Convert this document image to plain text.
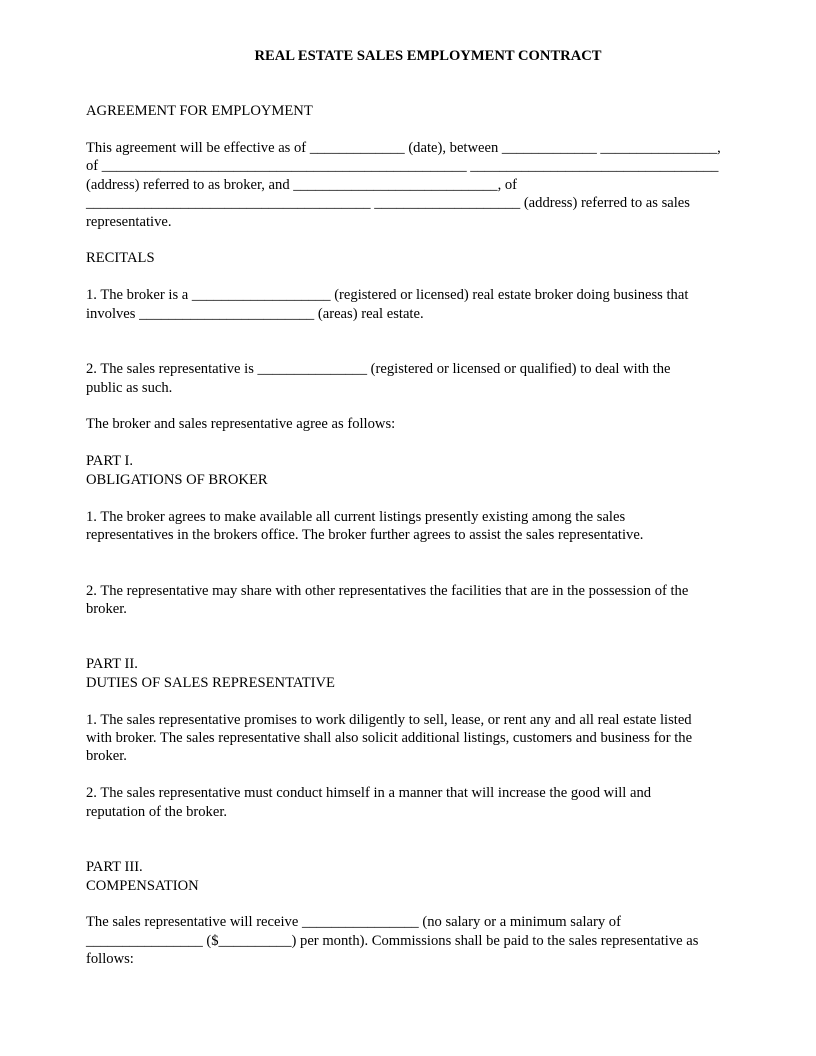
REAL ESTATE SALES EMPLOYMENT CONTRACT

AGREEMENT FOR EMPLOYMENT

This agreement will be effective as of _____________ (date), between _____________ ________________,

of __________________________________________________ __________________________________

(address) referred to as broker, and ____________________________, of

_______________________________________ ____________________ (address) referred to as sales

representative.

RECITALS

1. The broker is a ___________________ (registered or licensed) real estate broker doing business that

involves ________________________ (areas) real estate.

2. The sales representative is _______________ (registered or licensed or qualified) to deal with the

public as such.

The broker and sales representative agree as follows:

PART I.

OBLIGATIONS OF BROKER

1. The broker agrees to make available all current listings presently existing among the sales

representatives in the brokers office. The broker further agrees to assist the sales representative.

2. The representative may share with other representatives the facilities that are in the possession of the

broker.

PART II.

DUTIES OF SALES REPRESENTATIVE

1. The sales representative promises to work diligently to sell, lease, or rent any and all real estate listed

with broker. The sales representative shall also solicit additional listings, customers and business for the

broker.

2. The sales representative must conduct himself in a manner that will increase the good will and

reputation of the broker.

PART III.

COMPENSATION

The sales representative will receive ________________ (no salary or a minimum salary of

________________ ($__________) per month). Commissions shall be paid to the sales representative as

follows:
